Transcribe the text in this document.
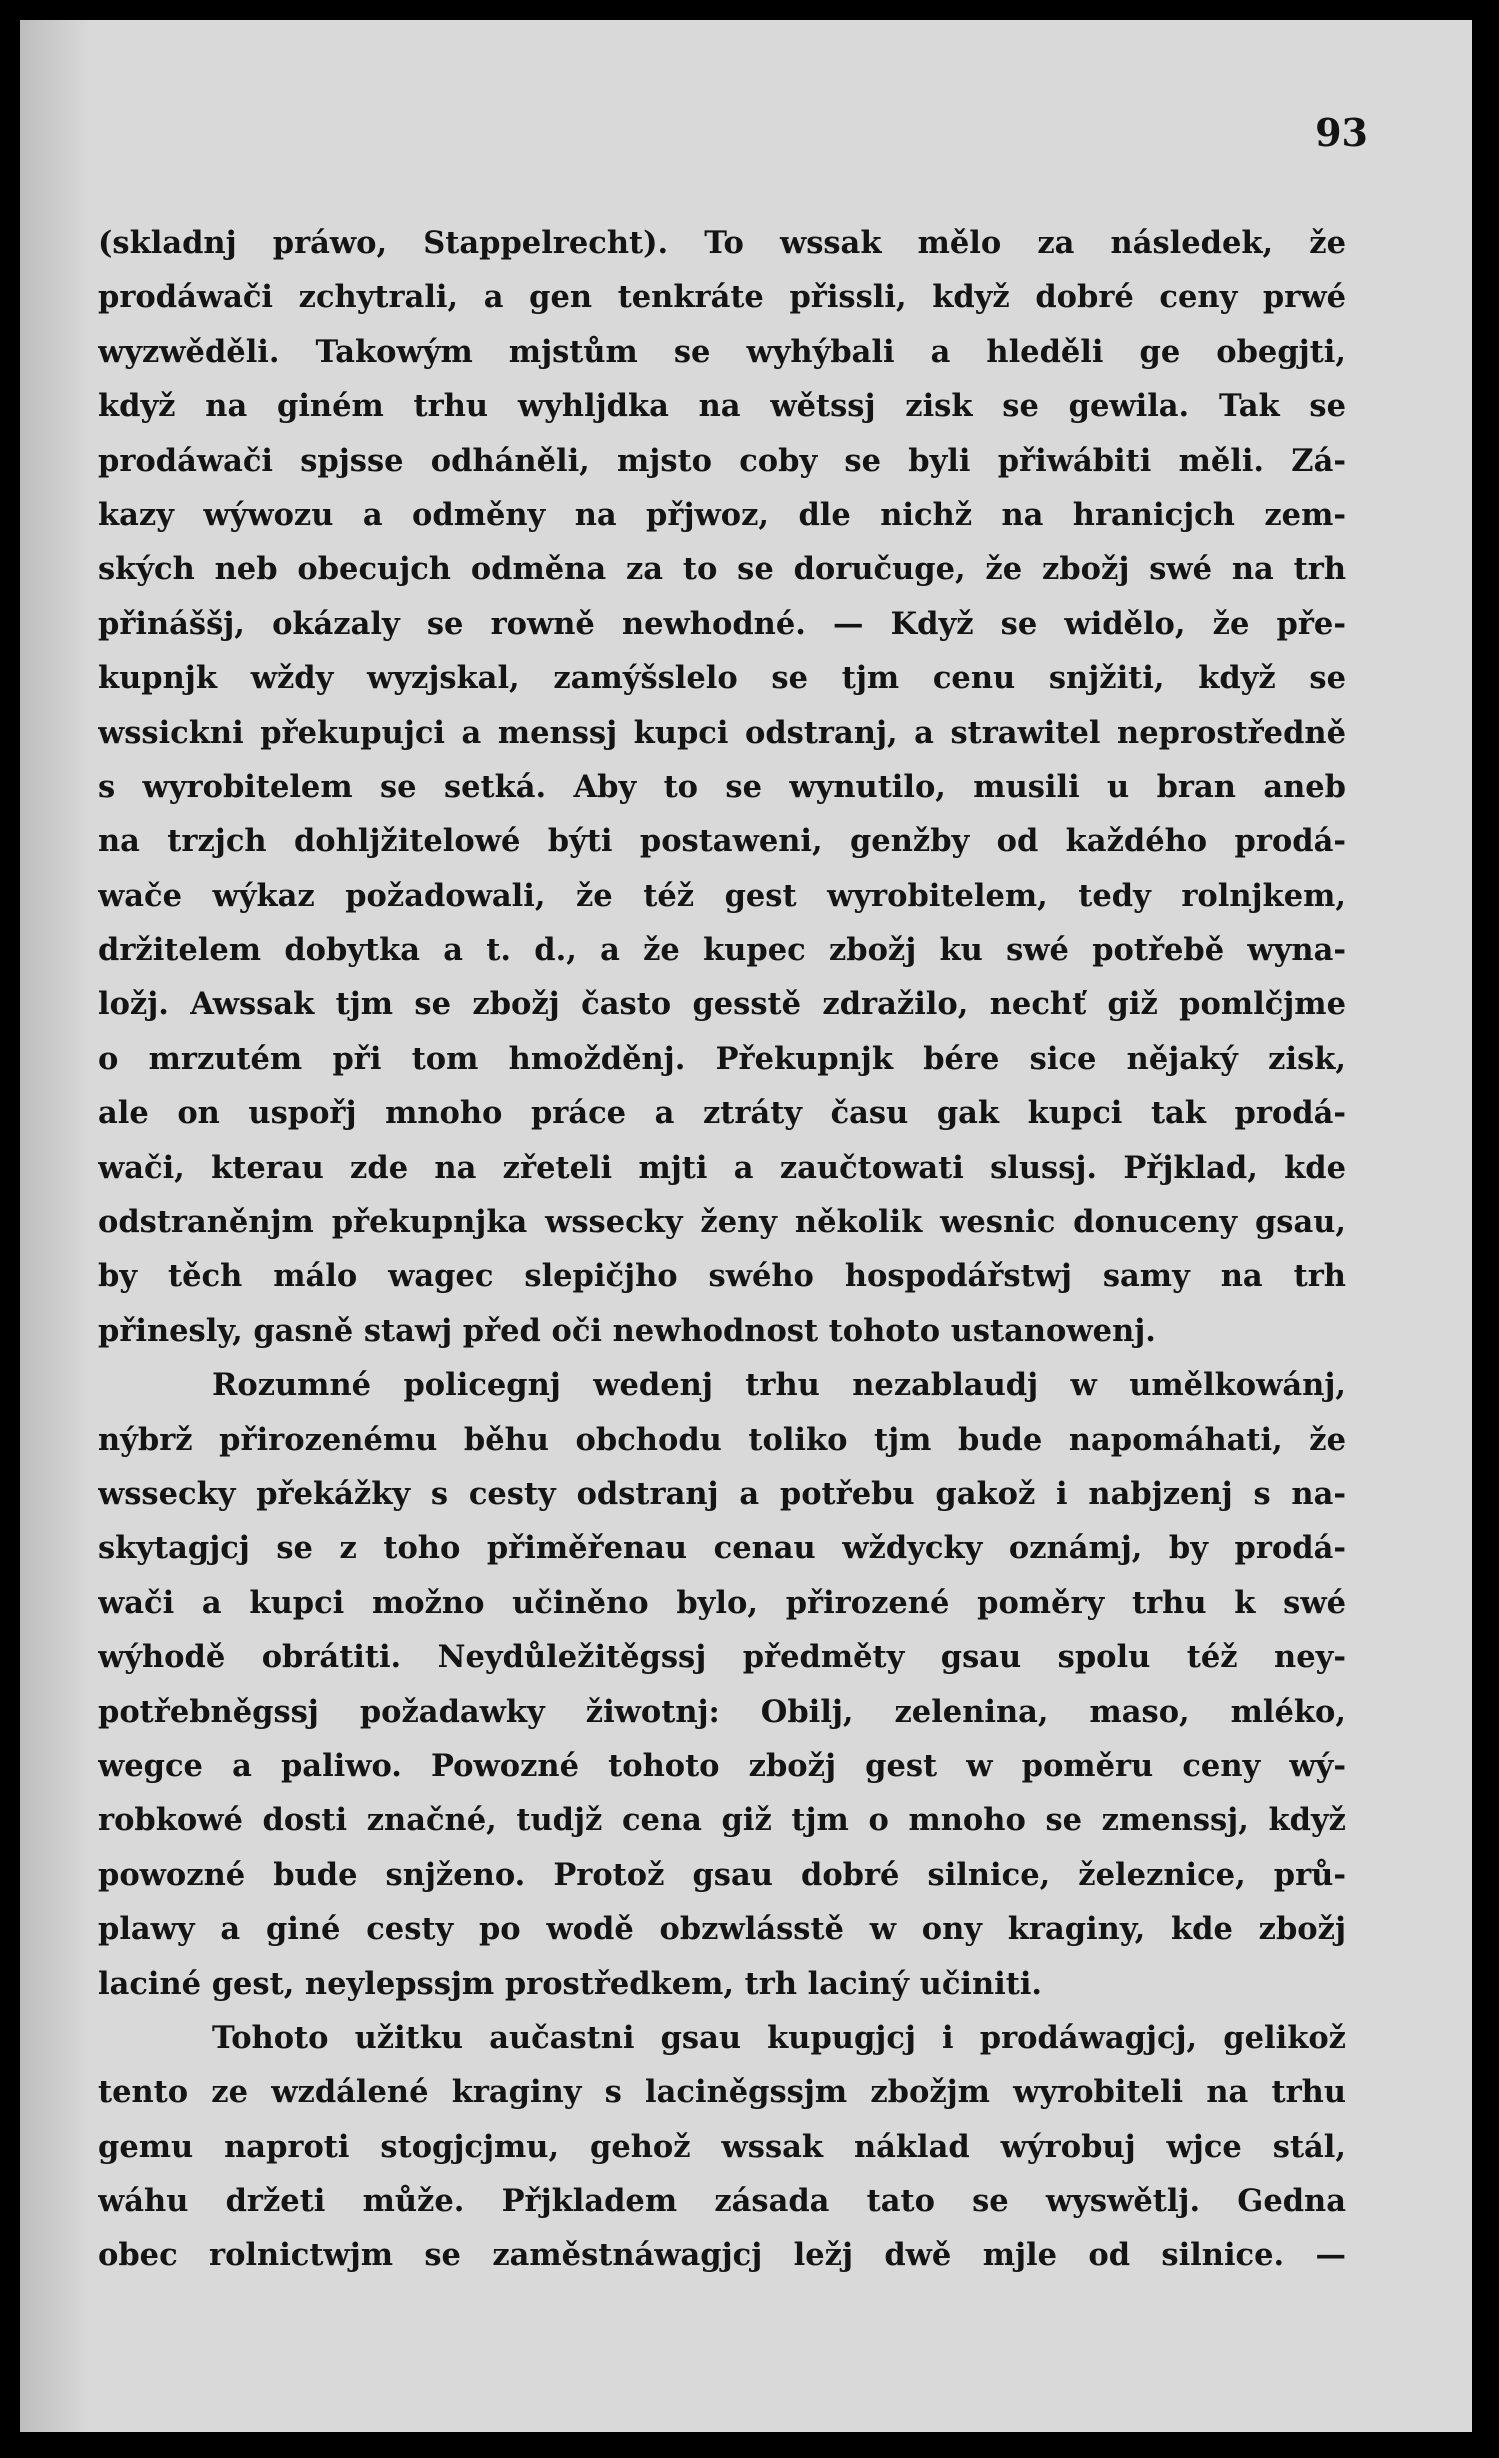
93
(skladnj práwo, Stappelrecht). To wssak mělo za následek, že
prodáwači zchytrali, a gen tenkráte přissli, když dobré ceny prwé
wyzwěděli. Takowým mjstům se wyhýbali a hleděli ge obegjti,
když na giném trhu wyhljdka na wětssj zisk se gewila. Tak se
prodáwači spjsse odháněli, mjsto coby se byli přiwábiti měli. Zá-
kazy wýwozu a odměny na přjwoz, dle nichž na hranicjch zem-
ských neb obecujch odměna za to se doručuge, že zbožj swé na trh
přináššj, okázaly se rowně newhodné. — Když se widělo, že pře-
kupnjk wždy wyzjskal, zamýšslelo se tjm cenu snjžiti, když se
wssickni překupujci a menssj kupci odstranj, a strawitel neprostředně
s wyrobitelem se setká. Aby to se wynutilo, musili u bran aneb
na trzjch dohljžitelowé býti postaweni, genžby od každého prodá-
wače wýkaz požadowali, že též gest wyrobitelem, tedy rolnjkem,
držitelem dobytka a t. d., a že kupec zbožj ku swé potřebě wyna-
ložj. Awssak tjm se zbožj často gesstě zdražilo, nechť giž pomlčjme
o mrzutém při tom hmožděnj. Překupnjk bére sice nějaký zisk,
ale on uspořj mnoho práce a ztráty času gak kupci tak prodá-
wači, kterau zde na zřeteli mjti a zaučtowati slussj. Přjklad, kde
odstraněnjm překupnjka wssecky ženy několik wesnic donuceny gsau,
by těch málo wagec slepičjho swého hospodářstwj samy na trh
přinesly, gasně stawj před oči newhodnost tohoto ustanowenj.
Rozumné policegnj wedenj trhu nezablaudj w umělkowánj,
nýbrž přirozenému běhu obchodu toliko tjm bude napomáhati, že
wssecky překážky s cesty odstranj a potřebu gakož i nabjzenj s na-
skytagjcj se z toho přiměřenau cenau wždycky oznámj, by prodá-
wači a kupci možno učiněno bylo, přirozené poměry trhu k swé
wýhodě obrátiti. Neydůležitěgssj předměty gsau spolu též ney-
potřebněgssj požadawky žiwotnj: Obilj, zelenina, maso, mléko,
wegce a paliwo. Powozné tohoto zbožj gest w poměru ceny wý-
robkowé dosti značné, tudjž cena giž tjm o mnoho se zmenssj, když
powozné bude snjženo. Protož gsau dobré silnice, železnice, prů-
plawy a giné cesty po wodě obzwlásstě w ony kraginy, kde zbožj
laciné gest, neylepssjm prostředkem, trh laciný učiniti.
Tohoto užitku aučastni gsau kupugjcj i prodáwagjcj, gelikož
tento ze wzdálené kraginy s laciněgssjm zbožjm wyrobiteli na trhu
gemu naproti stogjcjmu, gehož wssak náklad wýrobuj wjce stál,
wáhu držeti může. Přjkladem zásada tato se wyswětlj. Gedna
obec rolnictwjm se zaměstnáwagjcj ležj dwě mjle od silnice. —
